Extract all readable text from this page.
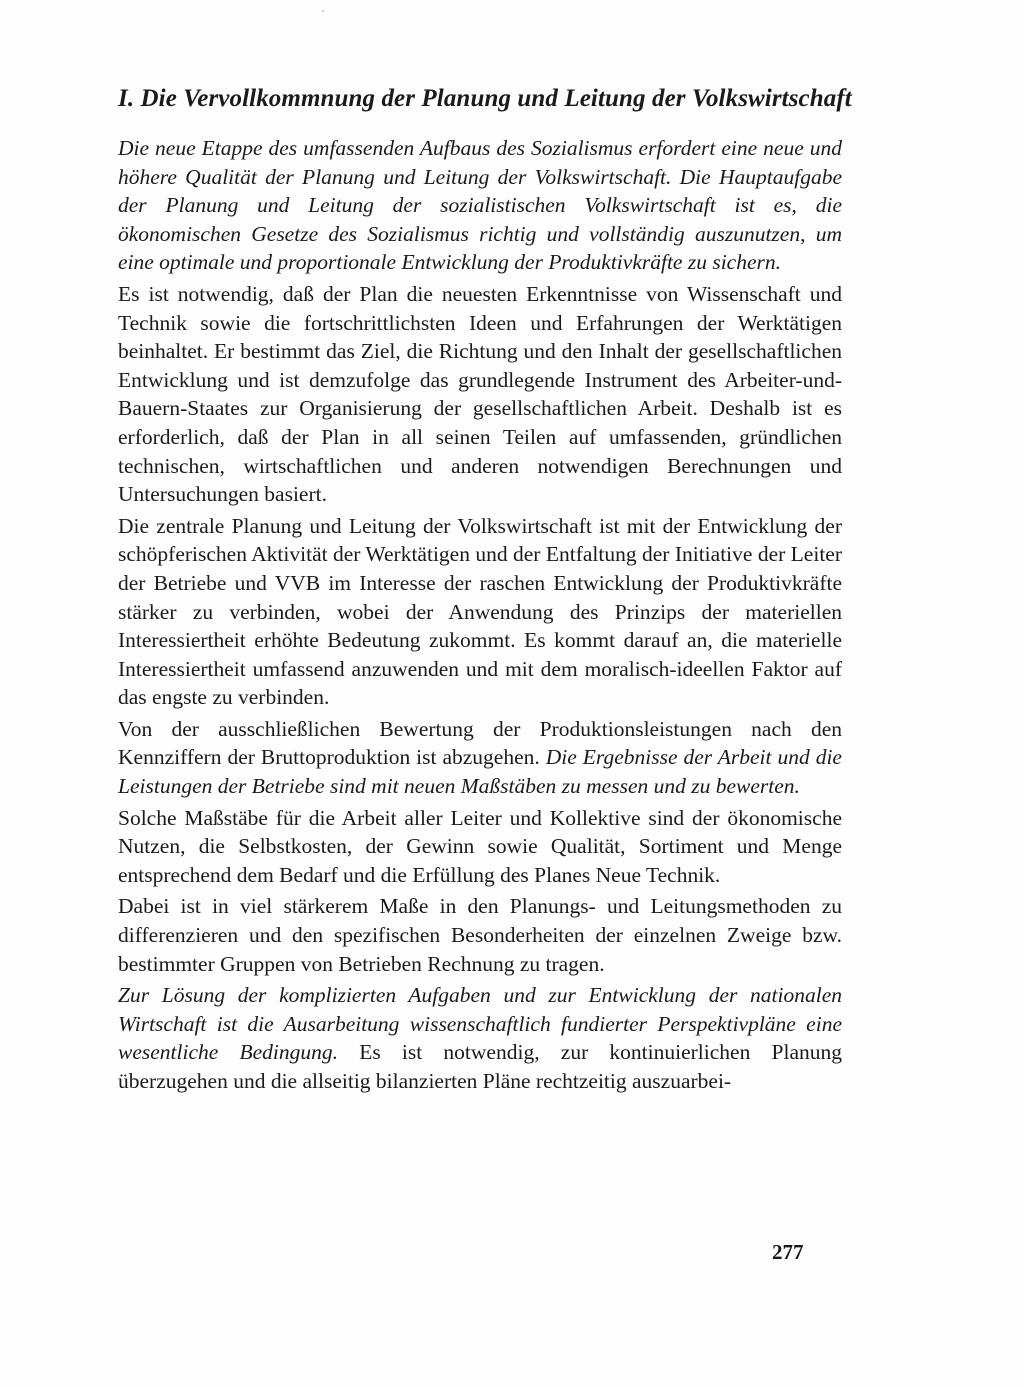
I. Die Vervollkommnung der Planung und Leitung der Volkswirtschaft

Die neue Etappe des umfassenden Aufbaus des Sozialismus erfordert eine neue und höhere Qualität der Planung und Leitung der Volkswirtschaft. Die Hauptaufgabe der Planung und Leitung der sozialistischen Volkswirtschaft ist es, die ökonomischen Gesetze des Sozialismus richtig und vollständig auszunutzen, um eine optimale und proportionale Entwicklung der Produktivkräfte zu sichern.

Es ist notwendig, daß der Plan die neuesten Erkenntnisse von Wissenschaft und Technik sowie die fortschrittlichsten Ideen und Erfahrungen der Werktätigen beinhaltet. Er bestimmt das Ziel, die Richtung und den Inhalt der gesellschaftlichen Entwicklung und ist demzufolge das grundlegende Instrument des Arbeiter-und-Bauern-Staates zur Organisierung der gesellschaftlichen Arbeit. Deshalb ist es erforderlich, daß der Plan in all seinen Teilen auf umfassenden, gründlichen technischen, wirtschaftlichen und anderen notwendigen Berechnungen und Untersuchungen basiert.

Die zentrale Planung und Leitung der Volkswirtschaft ist mit der Entwicklung der schöpferischen Aktivität der Werktätigen und der Entfaltung der Initiative der Leiter der Betriebe und VVB im Interesse der raschen Entwicklung der Produktivkräfte stärker zu verbinden, wobei der Anwendung des Prinzips der materiellen Interessiertheit erhöhte Bedeutung zukommt. Es kommt darauf an, die materielle Interessiertheit umfassend anzuwenden und mit dem moralisch-ideellen Faktor auf das engste zu verbinden.

Von der ausschließlichen Bewertung der Produktionsleistungen nach den Kennziffern der Bruttoproduktion ist abzugehen. Die Ergebnisse der Arbeit und die Leistungen der Betriebe sind mit neuen Maßstäben zu messen und zu bewerten.

Solche Maßstäbe für die Arbeit aller Leiter und Kollektive sind der ökonomische Nutzen, die Selbstkosten, der Gewinn sowie Qualität, Sortiment und Menge entsprechend dem Bedarf und die Erfüllung des Planes Neue Technik.

Dabei ist in viel stärkerem Maße in den Planungs- und Leitungsmethoden zu differenzieren und den spezifischen Besonderheiten der einzelnen Zweige bzw. bestimmter Gruppen von Betrieben Rechnung zu tragen.

Zur Lösung der komplizierten Aufgaben und zur Entwicklung der nationalen Wirtschaft ist die Ausarbeitung wissenschaftlich fundierter Perspektivpläne eine wesentliche Bedingung. Es ist notwendig, zur kontinuierlichen Planung überzugehen und die allseitig bilanzierten Pläne rechtzeitig auszuarbei-

277
